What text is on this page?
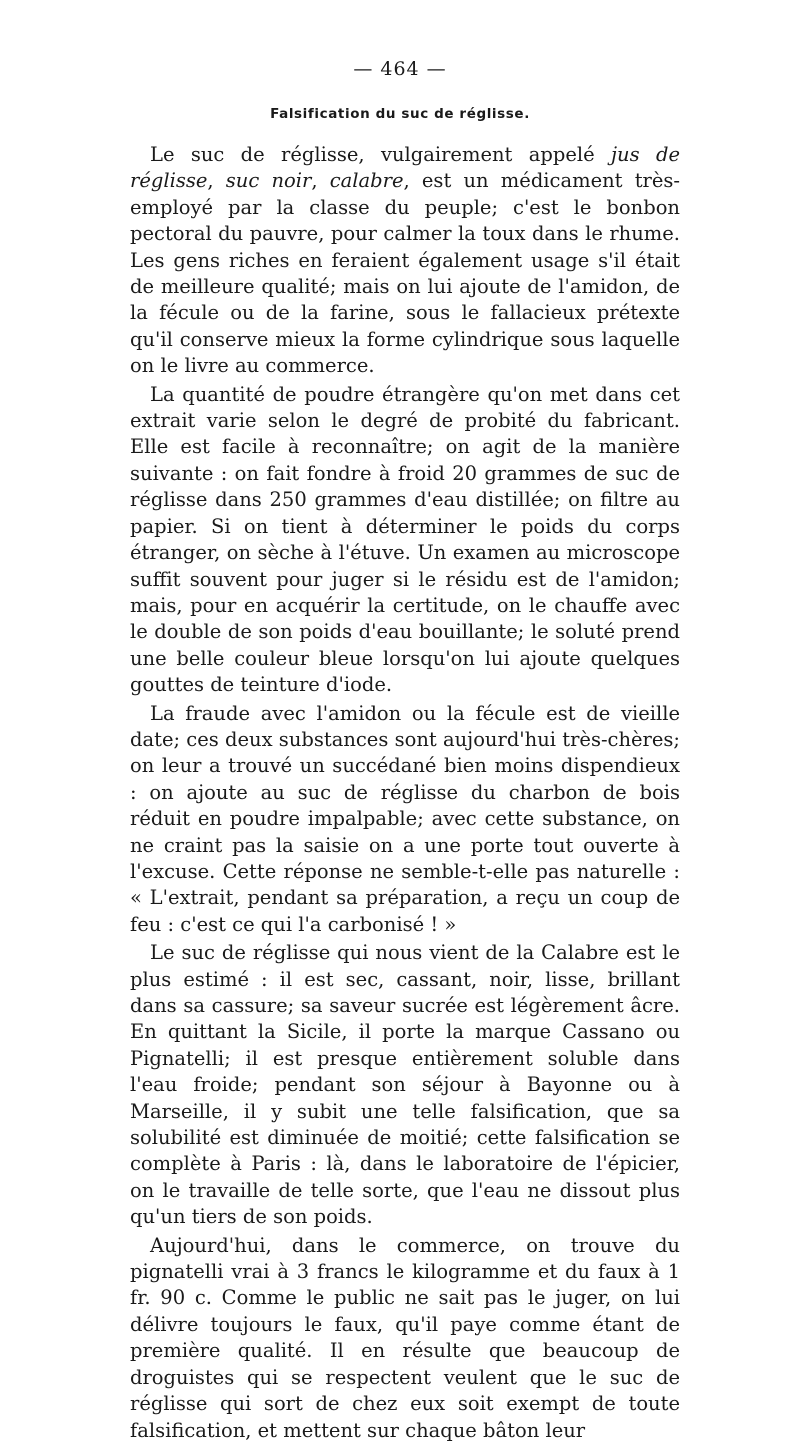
— 464 —
Falsification du suc de réglisse.

Le suc de réglisse, vulgairement appelé jus de réglisse, suc noir, calabre, est un médicament très-employé par la classe du peuple; c'est le bonbon pectoral du pauvre, pour calmer la toux dans le rhume. Les gens riches en feraient également usage s'il était de meilleure qualité; mais on lui ajoute de l'amidon, de la fécule ou de la farine, sous le fallacieux prétexte qu'il conserve mieux la forme cylindrique sous laquelle on le livre au commerce.

La quantité de poudre étrangère qu'on met dans cet extrait varie selon le degré de probité du fabricant. Elle est facile à reconnaître; on agit de la manière suivante : on fait fondre à froid 20 grammes de suc de réglisse dans 250 grammes d'eau distillée; on filtre au papier. Si on tient à déterminer le poids du corps étranger, on sèche à l'étuve. Un examen au microscope suffit souvent pour juger si le résidu est de l'amidon; mais, pour en acquérir la certitude, on le chauffe avec le double de son poids d'eau bouillante; le soluté prend une belle couleur bleue lorsqu'on lui ajoute quelques gouttes de teinture d'iode.

La fraude avec l'amidon ou la fécule est de vieille date; ces deux substances sont aujourd'hui très-chères; on leur a trouvé un succédané bien moins dispendieux : on ajoute au suc de réglisse du charbon de bois réduit en poudre impalpable; avec cette substance, on ne craint pas la saisie on a une porte tout ouverte à l'excuse. Cette réponse ne semble-t-elle pas naturelle : « L'extrait, pendant sa préparation, a reçu un coup de feu : c'est ce qui l'a carbonisé ! »

Le suc de réglisse qui nous vient de la Calabre est le plus estimé : il est sec, cassant, noir, lisse, brillant dans sa cassure; sa saveur sucrée est légèrement âcre. En quittant la Sicile, il porte la marque Cassano ou Pignatelli; il est presque entièrement soluble dans l'eau froide; pendant son séjour à Bayonne ou à Marseille, il y subit une telle falsification, que sa solubilité est diminuée de moitié; cette falsification se complète à Paris : là, dans le laboratoire de l'épicier, on le travaille de telle sorte, que l'eau ne dissout plus qu'un tiers de son poids.

Aujourd'hui, dans le commerce, on trouve du pignatelli vrai à 3 francs le kilogramme et du faux à 1 fr. 90 c. Comme le public ne sait pas le juger, on lui délivre toujours le faux, qu'il paye comme étant de première qualité. Il en résulte que beaucoup de droguistes qui se respectent veulent que le suc de réglisse qui sort de chez eux soit exempt de toute falsification, et mettent sur chaque bâton leur
